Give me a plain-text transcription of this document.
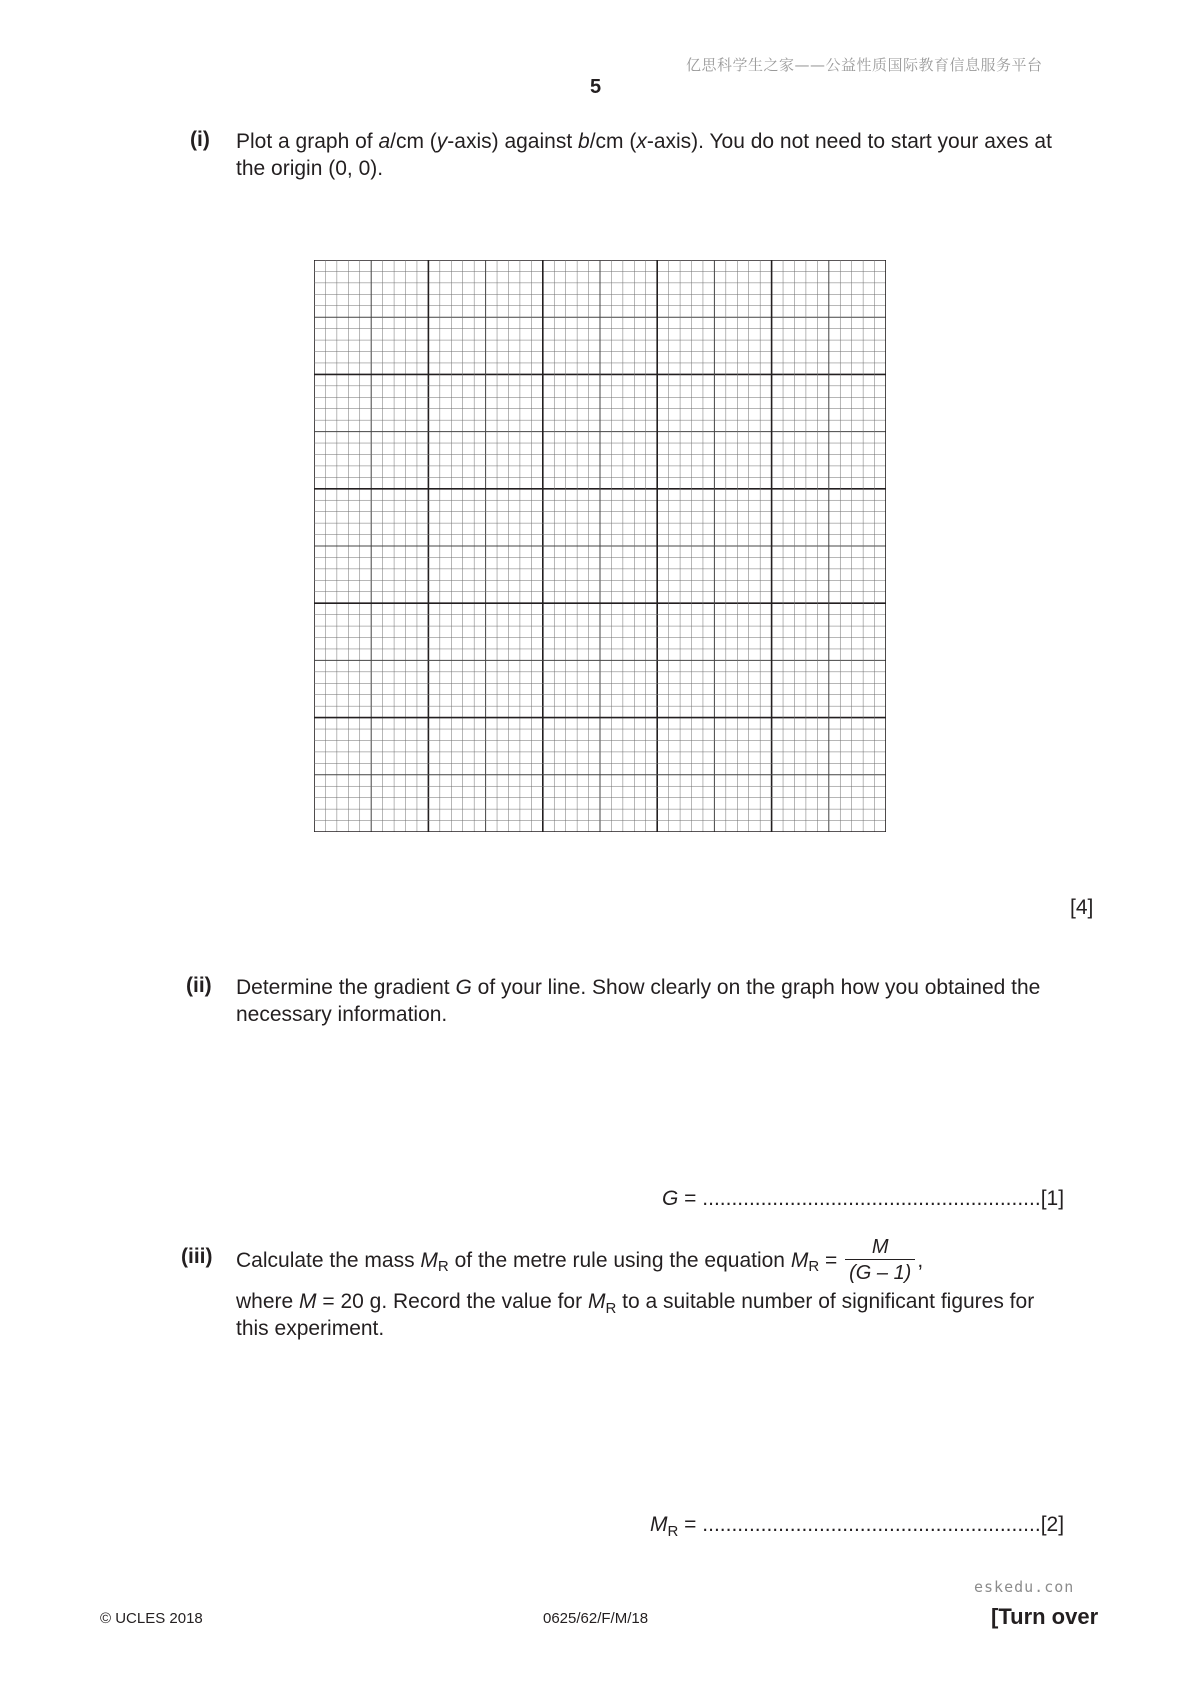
亿思科学生之家——公益性质国际教育信息服务平台
5
(i) Plot a graph of a/cm (y-axis) against b/cm (x-axis). You do not need to start your axes at
the origin (0, 0).
[4]
(ii) Determine the gradient G of your line. Show clearly on the graph how you obtained the
necessary information.
G = ..........................................................[1]
(iii) Calculate the mass $M_R$ of the metre rule using the equation $M_R = \frac{M}{(G - 1)}$ ,
where M = 20 g. Record the value for $M_R$ to a suitable number of significant figures for
this experiment.
$M_R = ..........................................................[2]$
eskedu.con
© UCLES 2018	0625/62/F/M/18	[Turn over
